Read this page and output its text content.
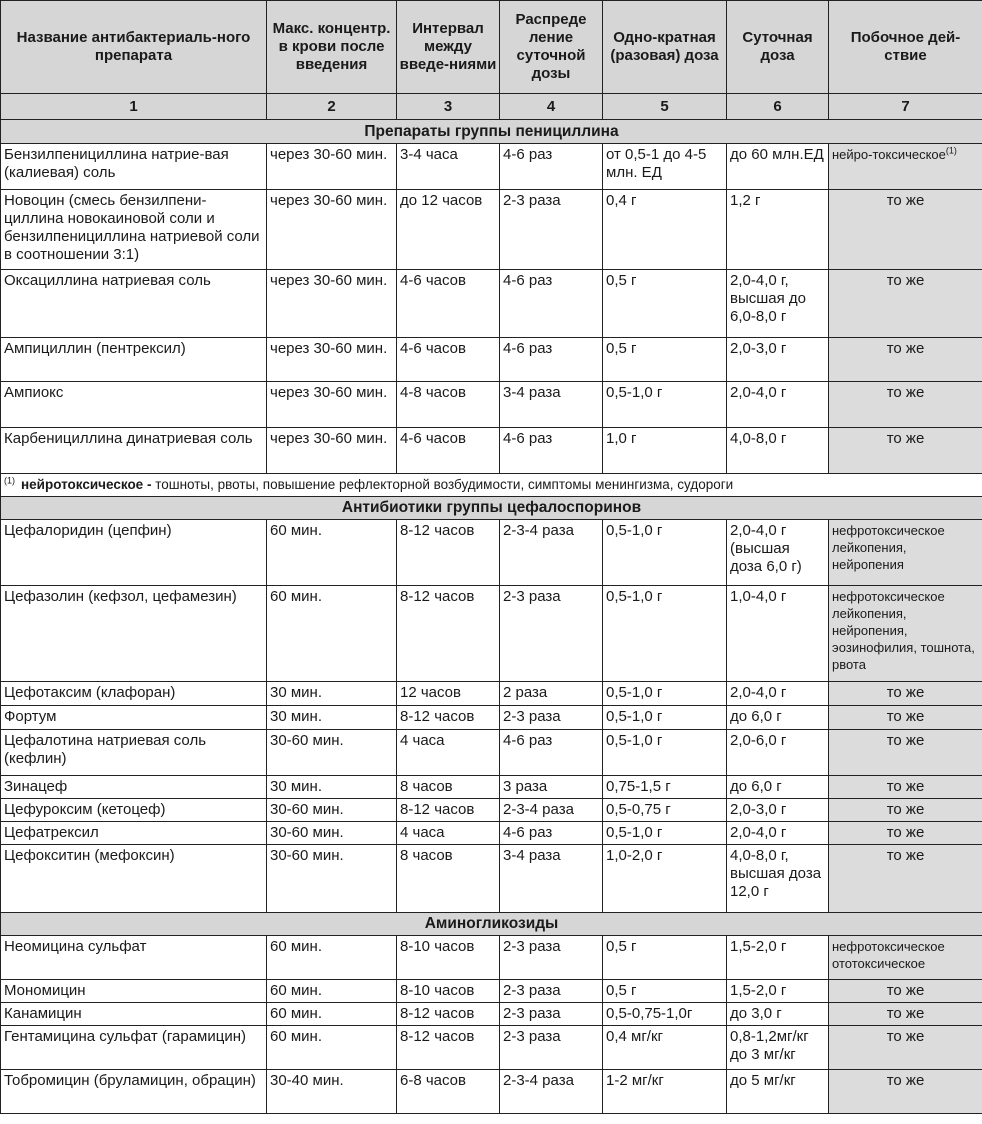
Название антибактериаль-ного препарата	Макс. концентр. в крови после введения	Интервал между введе-ниями	Распреде ление суточной дозы	Одно-кратная (разовая) доза	Суточная доза	Побочное дей-ствие
1	2	3	4	5	6	7
Препараты группы пенициллина						
Бензилпенициллина натрие-вая (калиевая) соль	через 30-60 мин.	3-4 часа	4-6 раз	от 0,5-1 до 4-5 млн. ЕД	до 60 млн.ЕД	нейро-токсическое$^{(1)}$
Новоцин (смесь бензилпени-циллина новокаиновой соли и бензилпенициллина натриевой соли в соотношении 3:1)	через 30-60 мин.	до 12 часов	2-3 раза	0,4 г	1,2 г	то же
Оксациллина натриевая соль	через 30-60 мин.	4-6 часов	4-6 раз	0,5 г	2,0-4,0 г, высшая до 6,0-8,0 г	то же
Ампициллин (пентрексил)	через 30-60 мин.	4-6 часов	4-6 раз	0,5 г	2,0-3,0 г	то же
Ампиокс	через 30-60 мин.	4-8 часов	3-4 раза	0,5-1,0 г	2,0-4,0 г	то же
Карбенициллина динатриевая соль	через 30-60 мин.	4-6 часов	4-6 раз	1,0 г	4,0-8,0 г	то же
$^{(1)}$ нейротоксическое - тошноты, рвоты, повышение рефлекторной возбудимости, симптомы менингизма, судороги						
Антибиотики группы цефалоспоринов						
Цефалоридин (цепфин)	60 мин.	8-12 часов	2-3-4 раза	0,5-1,0 г	2,0-4,0 г (высшая доза 6,0 г)	нефротоксическое лейкопения, нейропения
Цефазолин (кефзол, цефамезин)	60 мин.	8-12 часов	2-3 раза	0,5-1,0 г	1,0-4,0 г	нефротоксическое лейкопения, нейропения, эозинофилия, тошнота, рвота
Цефотаксим (клафоран)	30 мин.	12 часов	2 раза	0,5-1,0 г	2,0-4,0 г	то же
Фортум	30 мин.	8-12 часов	2-3 раза	0,5-1,0 г	до 6,0 г	то же
Цефалотина натриевая соль (кефлин)	30-60 мин.	4 часа	4-6 раз	0,5-1,0 г	2,0-6,0 г	то же
Зинацеф	30 мин.	8 часов	3 раза	0,75-1,5 г	до 6,0 г	то же
Цефуроксим (кетоцеф)	30-60 мин.	8-12 часов	2-3-4 раза	0,5-0,75 г	2,0-3,0 г	то же
Цефатрексил	30-60 мин.	4 часа	4-6 раз	0,5-1,0 г	2,0-4,0 г	то же
Цефокситин (мефоксин)	30-60 мин.	8 часов	3-4 раза	1,0-2,0 г	4,0-8,0 г, высшая доза 12,0 г	то же
Аминогликозиды						
Неомицина сульфат	60 мин.	8-10 часов	2-3 раза	0,5 г	1,5-2,0 г	нефротоксическое ототоксическое
Мономицин	60 мин.	8-10 часов	2-3 раза	0,5 г	1,5-2,0 г	то же
Канамицин	60 мин.	8-12 часов	2-3 раза	0,5-0,75-1,0г	до 3,0 г	то же
Гентамицина сульфат (гарамицин)	60 мин.	8-12 часов	2-3 раза	0,4 мг/кг	0,8-1,2мг/кг до 3 мг/кг	то же
Тобромицин (бруламицин, обрацин)	30-40 мин.	6-8 часов	2-3-4 раза	1-2 мг/кг	до 5 мг/кг	то же
